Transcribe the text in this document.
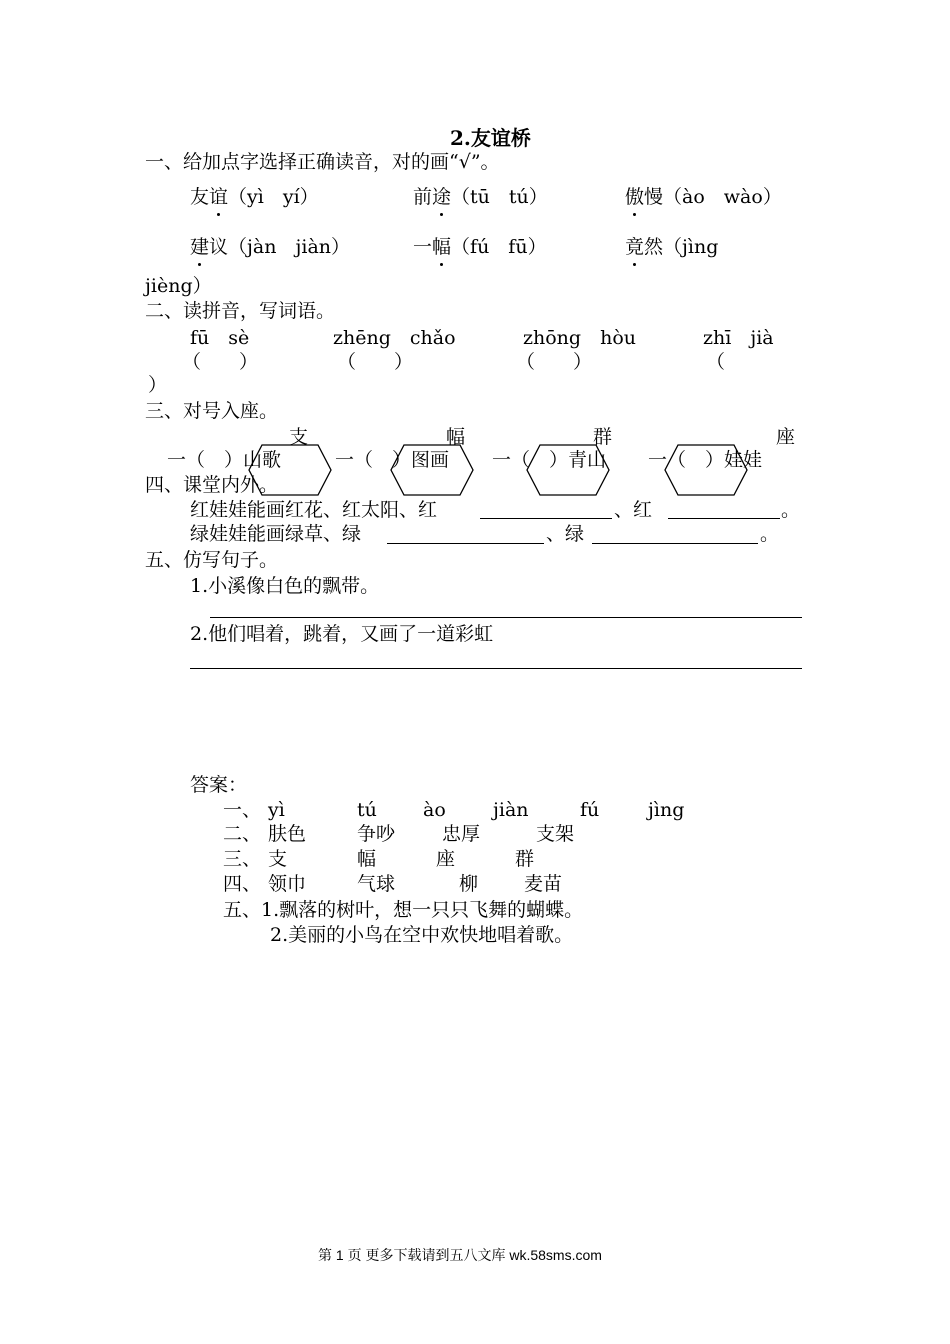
2.友谊桥
一、给加点字选择正确读音，对的画“√”。
友谊（yì　yí）	前途（tū　tú）	傲慢（ào　wào）
建议（jàn　jiàn）	一幅（fú　fū）	竟然（jìng
jièng）
二、读拼音，写词语。
fū　sè	zhēng　chǎo	zhōng　hòu	zhī　jià
（　　）	（　　）	（　　）	（
）
三、对号入座。
支	幅	群	座
一（　）山歌	一（　）图画 一（　）青山 一（　）娃娃
四、课堂内外。
红娃娃能画红花、红太阳、红	、红	。
绿娃娃能画绿草、绿	、绿	。
五、仿写句子。
1.小溪像白色的飘带。
2.他们唱着，跳着，又画了一道彩虹
答案：
一、 yì	tú ào jiàn	fú	jìng
二、 肤色	争吵 忠厚	支架
三、 支	幅	座	群
四、 领巾	气球	柳 麦苗
五、1.飘落的树叶，想一只只飞舞的蝴蝶。
2.美丽的小鸟在空中欢快地唱着歌。
第 1 页 更多下载请到五八文库 wk.58sms.com
